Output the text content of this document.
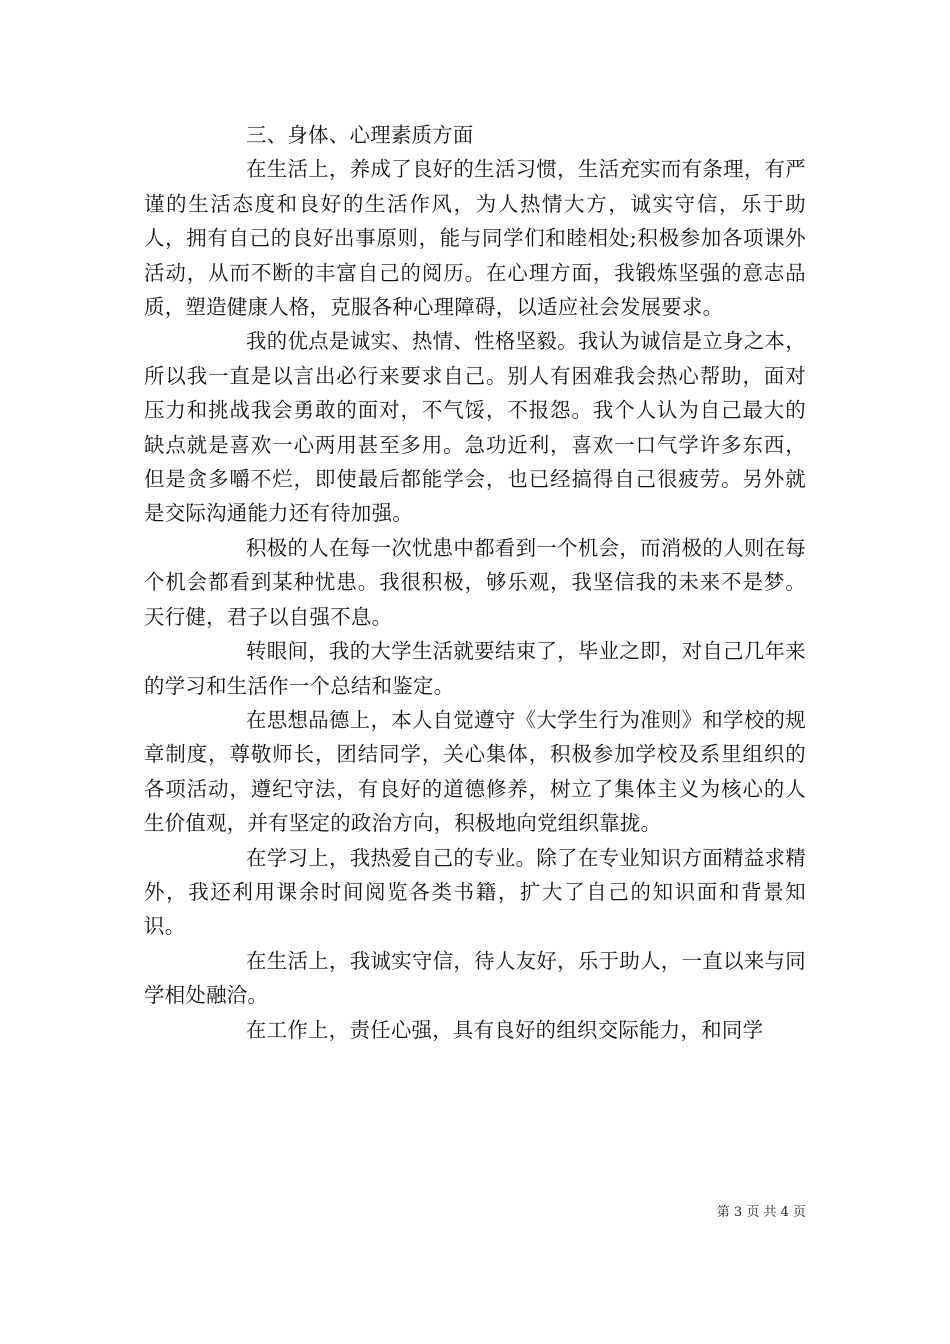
三、身体、心理素质方面

在生活上，养成了良好的生活习惯，生活充实而有条理，有严谨的生活态度和良好的生活作风，为人热情大方，诚实守信，乐于助人，拥有自己的良好出事原则，能与同学们和睦相处;积极参加各项课外活动，从而不断的丰富自己的阅历。在心理方面，我锻炼坚强的意志品质，塑造健康人格，克服各种心理障碍，以适应社会发展要求。

我的优点是诚实、热情、性格坚毅。我认为诚信是立身之本，所以我一直是以言出必行来要求自己。别人有困难我会热心帮助，面对压力和挑战我会勇敢的面对，不气馁，不报怨。我个人认为自己最大的缺点就是喜欢一心两用甚至多用。急功近利，喜欢一口气学许多东西，但是贪多嚼不烂，即使最后都能学会，也已经搞得自己很疲劳。另外就是交际沟通能力还有待加强。

积极的人在每一次忧患中都看到一个机会，而消极的人则在每个机会都看到某种忧患。我很积极，够乐观，我坚信我的未来不是梦。天行健，君子以自强不息。

转眼间，我的大学生活就要结束了，毕业之即，对自己几年来的学习和生活作一个总结和鉴定。

在思想品德上，本人自觉遵守《大学生行为准则》和学校的规章制度，尊敬师长，团结同学，关心集体，积极参加学校及系里组织的各项活动，遵纪守法，有良好的道德修养，树立了集体主义为核心的人生价值观，并有坚定的政治方向，积极地向党组织靠拢。

在学习上，我热爱自己的专业。除了在专业知识方面精益求精外，我还利用课余时间阅览各类书籍，扩大了自己的知识面和背景知识。

在生活上，我诚实守信，待人友好，乐于助人，一直以来与同学相处融洽。

在工作上，责任心强，具有良好的组织交际能力，和同学

第 3 页 共 4 页
